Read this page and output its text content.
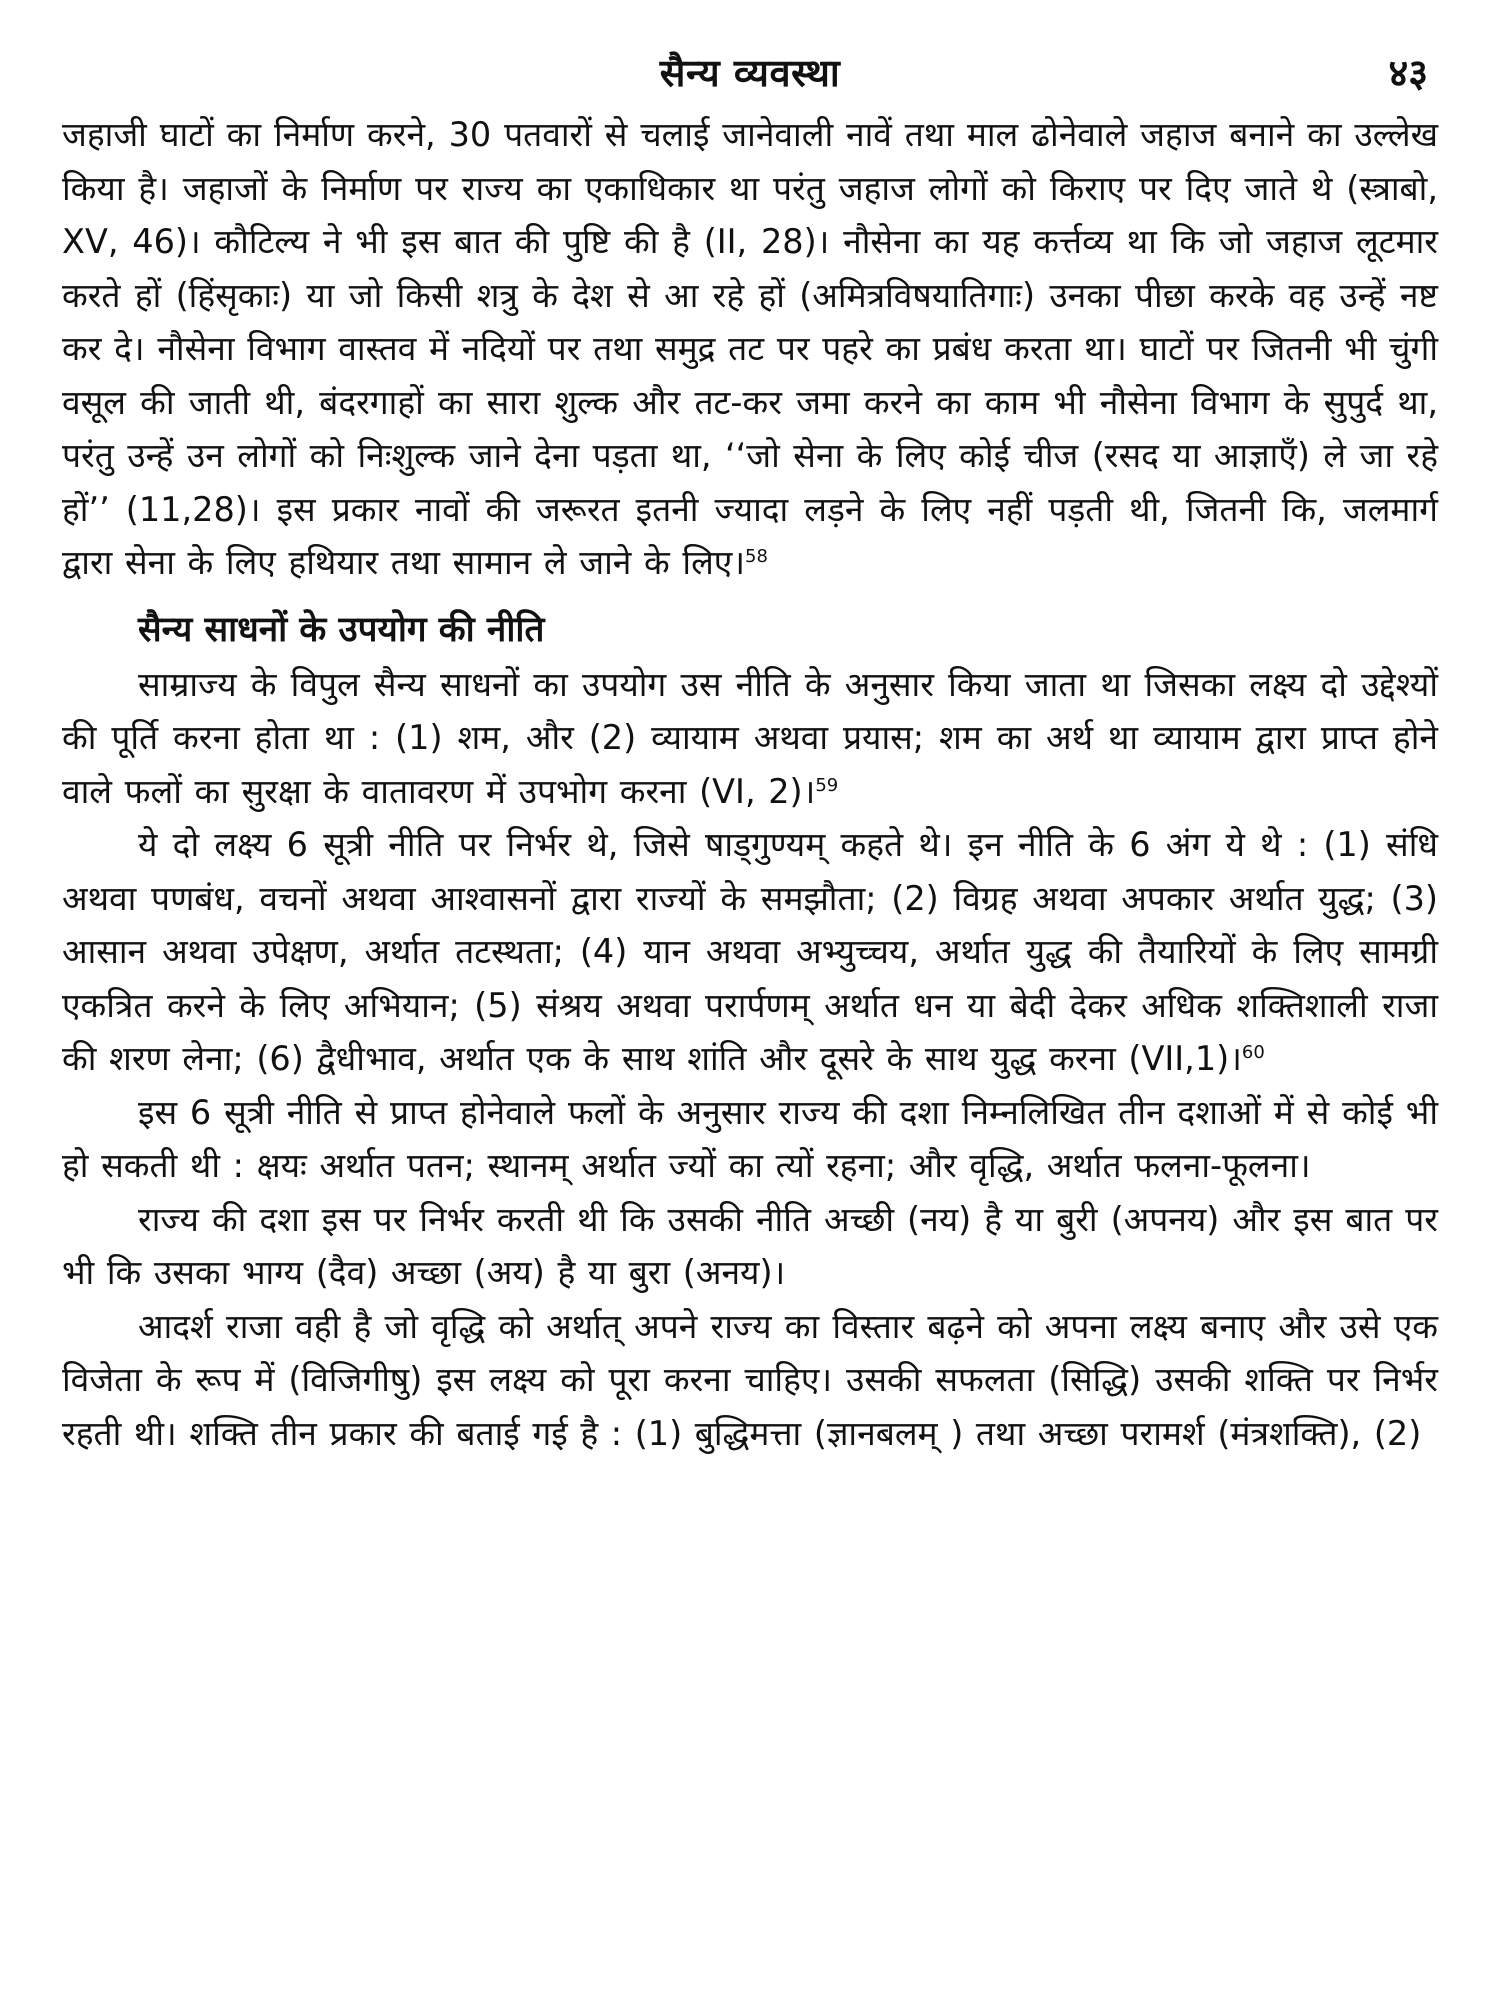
सैन्य व्यवस्था	४३

जहाजी घाटों का निर्माण करने, 30 पतवारों से चलाई जानेवाली नावें तथा माल ढोनेवाले जहाज बनाने का उल्लेख किया है। जहाजों के निर्माण पर राज्य का एकाधिकार था परंतु जहाज लोगों को किराए पर दिए जाते थे (स्त्राबो, XV, 46)। कौटिल्य ने भी इस बात की पुष्टि की है (II, 28)। नौसेना का यह कर्त्तव्य था कि जो जहाज लूटमार करते हों (हिंसृकाः) या जो किसी शत्रु के देश से आ रहे हों (अमित्रविषयातिगाः) उनका पीछा करके वह उन्हें नष्ट कर दे। नौसेना विभाग वास्तव में नदियों पर तथा समुद्र तट पर पहरे का प्रबंध करता था। घाटों पर जितनी भी चुंगी वसूल की जाती थी, बंदरगाहों का सारा शुल्क और तट-कर जमा करने का काम भी नौसेना विभाग के सुपुर्द था, परंतु उन्हें उन लोगों को निःशुल्क जाने देना पड़ता था, ‘‘जो सेना के लिए कोई चीज (रसद या आज्ञाएँ) ले जा रहे हों’’ (11,28)। इस प्रकार नावों की जरूरत इतनी ज्यादा लड़ने के लिए नहीं पड़ती थी, जितनी कि, जलमार्ग द्वारा सेना के लिए हथियार तथा सामान ले जाने के लिए।$^{58}$

सैन्य साधनों के उपयोग की नीति

साम्राज्य के विपुल सैन्य साधनों का उपयोग उस नीति के अनुसार किया जाता था जिसका लक्ष्य दो उद्देश्यों की पूर्ति करना होता था : (1) शम, और (2) व्यायाम अथवा प्रयास; शम का अर्थ था व्यायाम द्वारा प्राप्त होने वाले फलों का सुरक्षा के वातावरण में उपभोग करना (VI, 2)।$^{59}$

ये दो लक्ष्य 6 सूत्री नीति पर निर्भर थे, जिसे षाड्गुण्यम् कहते थे। इन नीति के 6 अंग ये थे : (1) संधि अथवा पणबंध, वचनों अथवा आश्वासनों द्वारा राज्यों के समझौता; (2) विग्रह अथवा अपकार अर्थात युद्ध; (3) आसान अथवा उपेक्षण, अर्थात तटस्थता; (4) यान अथवा अभ्युच्चय, अर्थात युद्ध की तैयारियों के लिए सामग्री एकत्रित करने के लिए अभियान; (5) संश्रय अथवा परार्पणम् अर्थात धन या बेदी देकर अधिक शक्तिशाली राजा की शरण लेना; (6) द्वैधीभाव, अर्थात एक के साथ शांति और दूसरे के साथ युद्ध करना (VII,1)।$^{60}$

इस 6 सूत्री नीति से प्राप्त होनेवाले फलों के अनुसार राज्य की दशा निम्नलिखित तीन दशाओं में से कोई भी हो सकती थी : क्षयः अर्थात पतन; स्थानम् अर्थात ज्यों का त्यों रहना; और वृद्धि, अर्थात फलना-फूलना।

राज्य की दशा इस पर निर्भर करती थी कि उसकी नीति अच्छी (नय) है या बुरी (अपनय) और इस बात पर भी कि उसका भाग्य (दैव) अच्छा (अय) है या बुरा (अनय)।

आदर्श राजा वही है जो वृद्धि को अर्थात् अपने राज्य का विस्तार बढ़ने को अपना लक्ष्य बनाए और उसे एक विजेता के रूप में (विजिगीषु) इस लक्ष्य को पूरा करना चाहिए। उसकी सफलता (सिद्धि) उसकी शक्ति पर निर्भर रहती थी। शक्ति तीन प्रकार की बताई गई है : (1) बुद्धिमत्ता (ज्ञानबलम् ) तथा अच्छा परामर्श (मंत्रशक्ति), (2)
